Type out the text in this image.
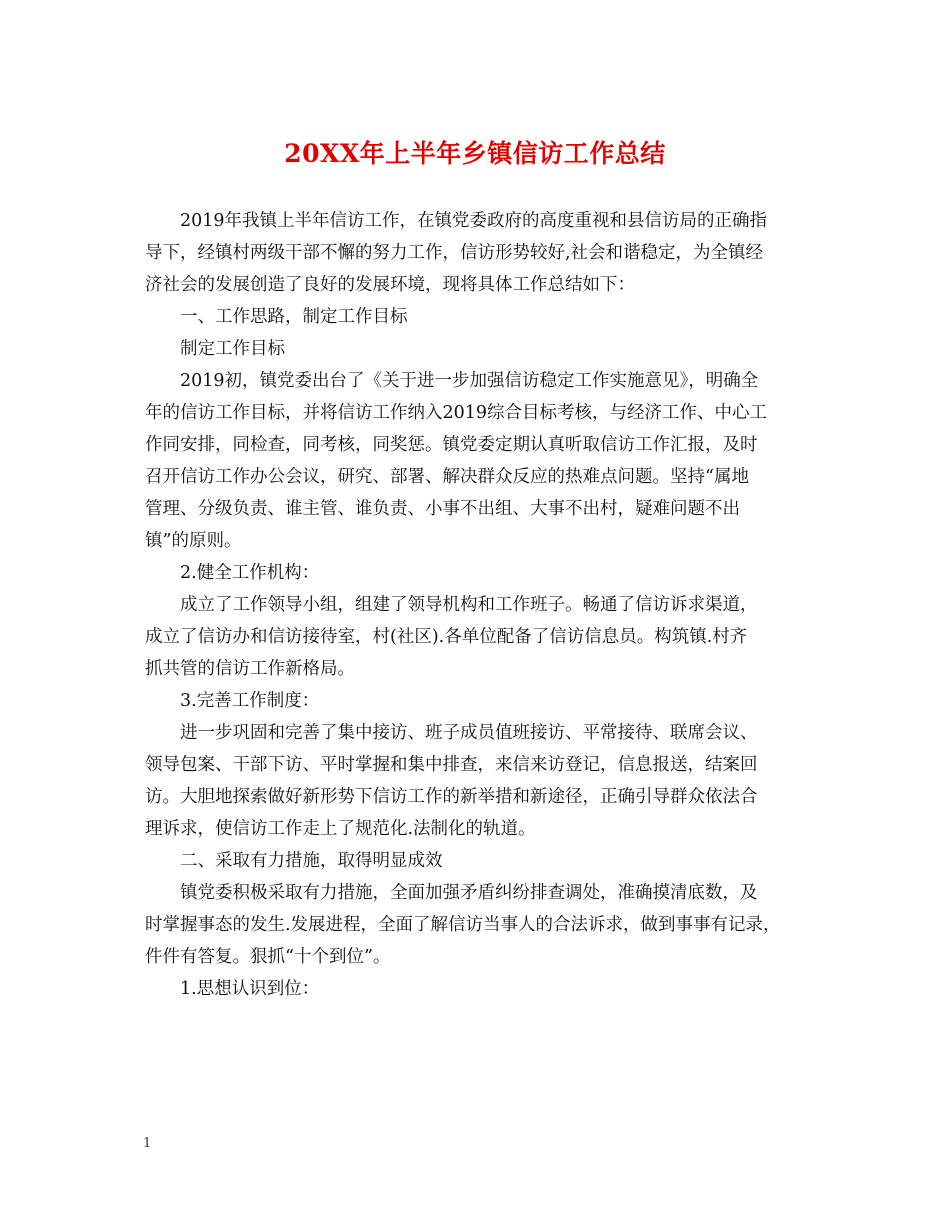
20XX年上半年乡镇信访工作总结
2019年我镇上半年信访工作，在镇党委政府的高度重视和县信访局的正确指
导下，经镇村两级干部不懈的努力工作，信访形势较好,社会和谐稳定，为全镇经
济社会的发展创造了良好的发展环境，现将具体工作总结如下：
一、工作思路，制定工作目标
制定工作目标
2019初，镇党委出台了《关于进一步加强信访稳定工作实施意见》，明确全
年的信访工作目标，并将信访工作纳入2019综合目标考核，与经济工作、中心工
作同安排，同检查，同考核，同奖惩。镇党委定期认真听取信访工作汇报，及时
召开信访工作办公会议，研究、部署、解决群众反应的热难点问题。坚持“属地
管理、分级负责、谁主管、谁负责、小事不出组、大事不出村，疑难问题不出
镇”的原则。
2.健全工作机构：
成立了工作领导小组，组建了领导机构和工作班子。畅通了信访诉求渠道，
成立了信访办和信访接待室，村(社区).各单位配备了信访信息员。构筑镇.村齐
抓共管的信访工作新格局。
3.完善工作制度：
进一步巩固和完善了集中接访、班子成员值班接访、平常接待、联席会议、
领导包案、干部下访、平时掌握和集中排查，来信来访登记，信息报送，结案回
访。大胆地探索做好新形势下信访工作的新举措和新途径，正确引导群众依法合
理诉求，使信访工作走上了规范化.法制化的轨道。
二、采取有力措施，取得明显成效
镇党委积极采取有力措施，全面加强矛盾纠纷排查调处，准确摸清底数，及
时掌握事态的发生.发展进程，全面了解信访当事人的合法诉求，做到事事有记录，
件件有答复。狠抓“十个到位”。
1.思想认识到位：
1
